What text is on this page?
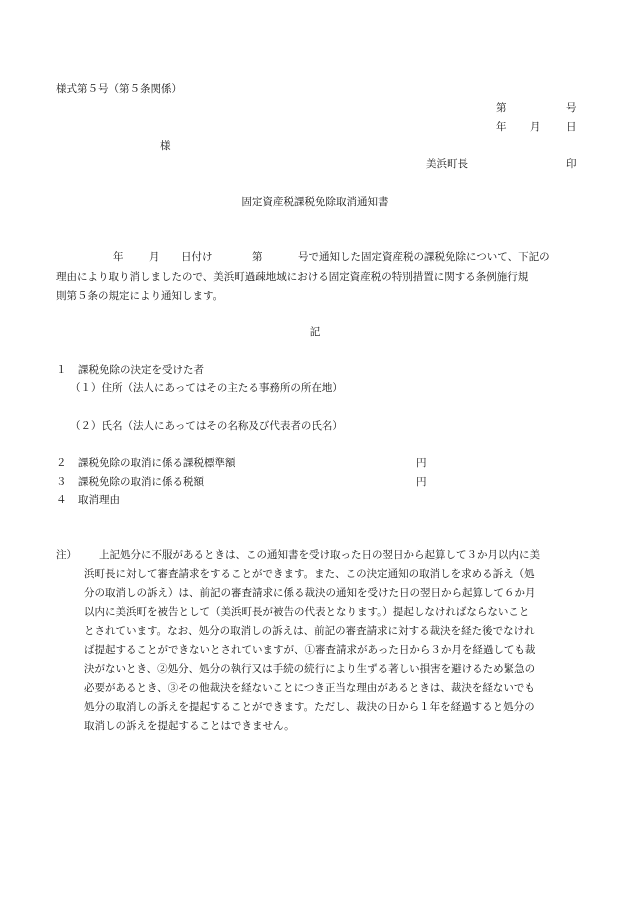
様式第５号（第５条関係）
第	号
年 月 日
様
美浜町長	印
固定資産税課税免除取消通知書
年 月 日付け	第	号で通知した固定資産税の課税免除について、下記の
理由により取り消しましたので、美浜町過疎地域における固定資産税の特別措置に関する条例施行規
則第５条の規定により通知します。
記
１ 課税免除の決定を受けた者
（１）住所（法人にあってはその主たる事務所の所在地）
（２）氏名（法人にあってはその名称及び代表者の氏名）
２ 課税免除の取消に係る課税標準額	円
３ 課税免除の取消に係る税額	円
４ 取消理由
注） 上記処分に不服があるときは、この通知書を受け取った日の翌日から起算して３か月以内に美
浜町長に対して審査請求をすることができます。また、この決定通知の取消しを求める訴え（処
分の取消しの訴え）は、前記の審査請求に係る裁決の通知を受けた日の翌日から起算して６か月
以内に美浜町を被告として（美浜町長が被告の代表となります。）提起しなければならないこと
とされています。なお、処分の取消しの訴えは、前記の審査請求に対する裁決を経た後でなけれ
ば提起することができないとされていますが、①審査請求があった日から３か月を経過しても裁
決がないとき、②処分、処分の執行又は手続の続行により生ずる著しい損害を避けるため緊急の
必要があるとき、③その他裁決を経ないことにつき正当な理由があるときは、裁決を経ないでも
処分の取消しの訴えを提起することができます。ただし、裁決の日から１年を経過すると処分の
取消しの訴えを提起することはできません。
